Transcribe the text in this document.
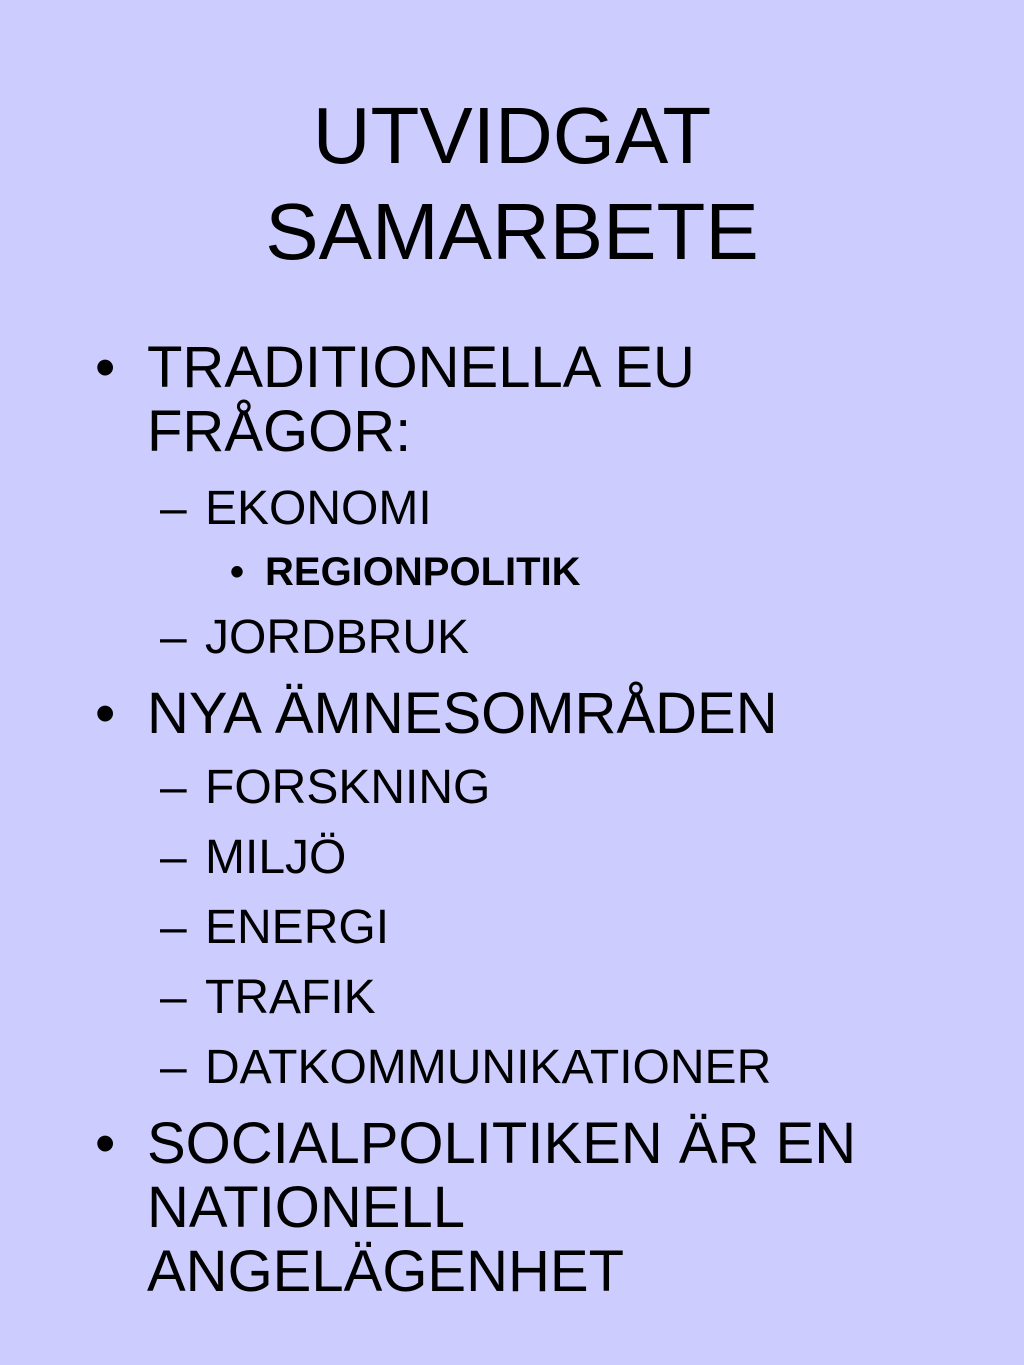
UTVIDGAT
SAMARBETE
• TRADITIONELLA EU
FRÅGOR:
– EKONOMI
• REGIONPOLITIK
– JORDBRUK
• NYA ÄMNESOMRÅDEN
– FORSKNING
– MILJÖ
– ENERGI
– TRAFIK
– DATKOMMUNIKATIONER
• SOCIALPOLITIKEN ÄR EN
NATIONELL
ANGELÄGENHET
